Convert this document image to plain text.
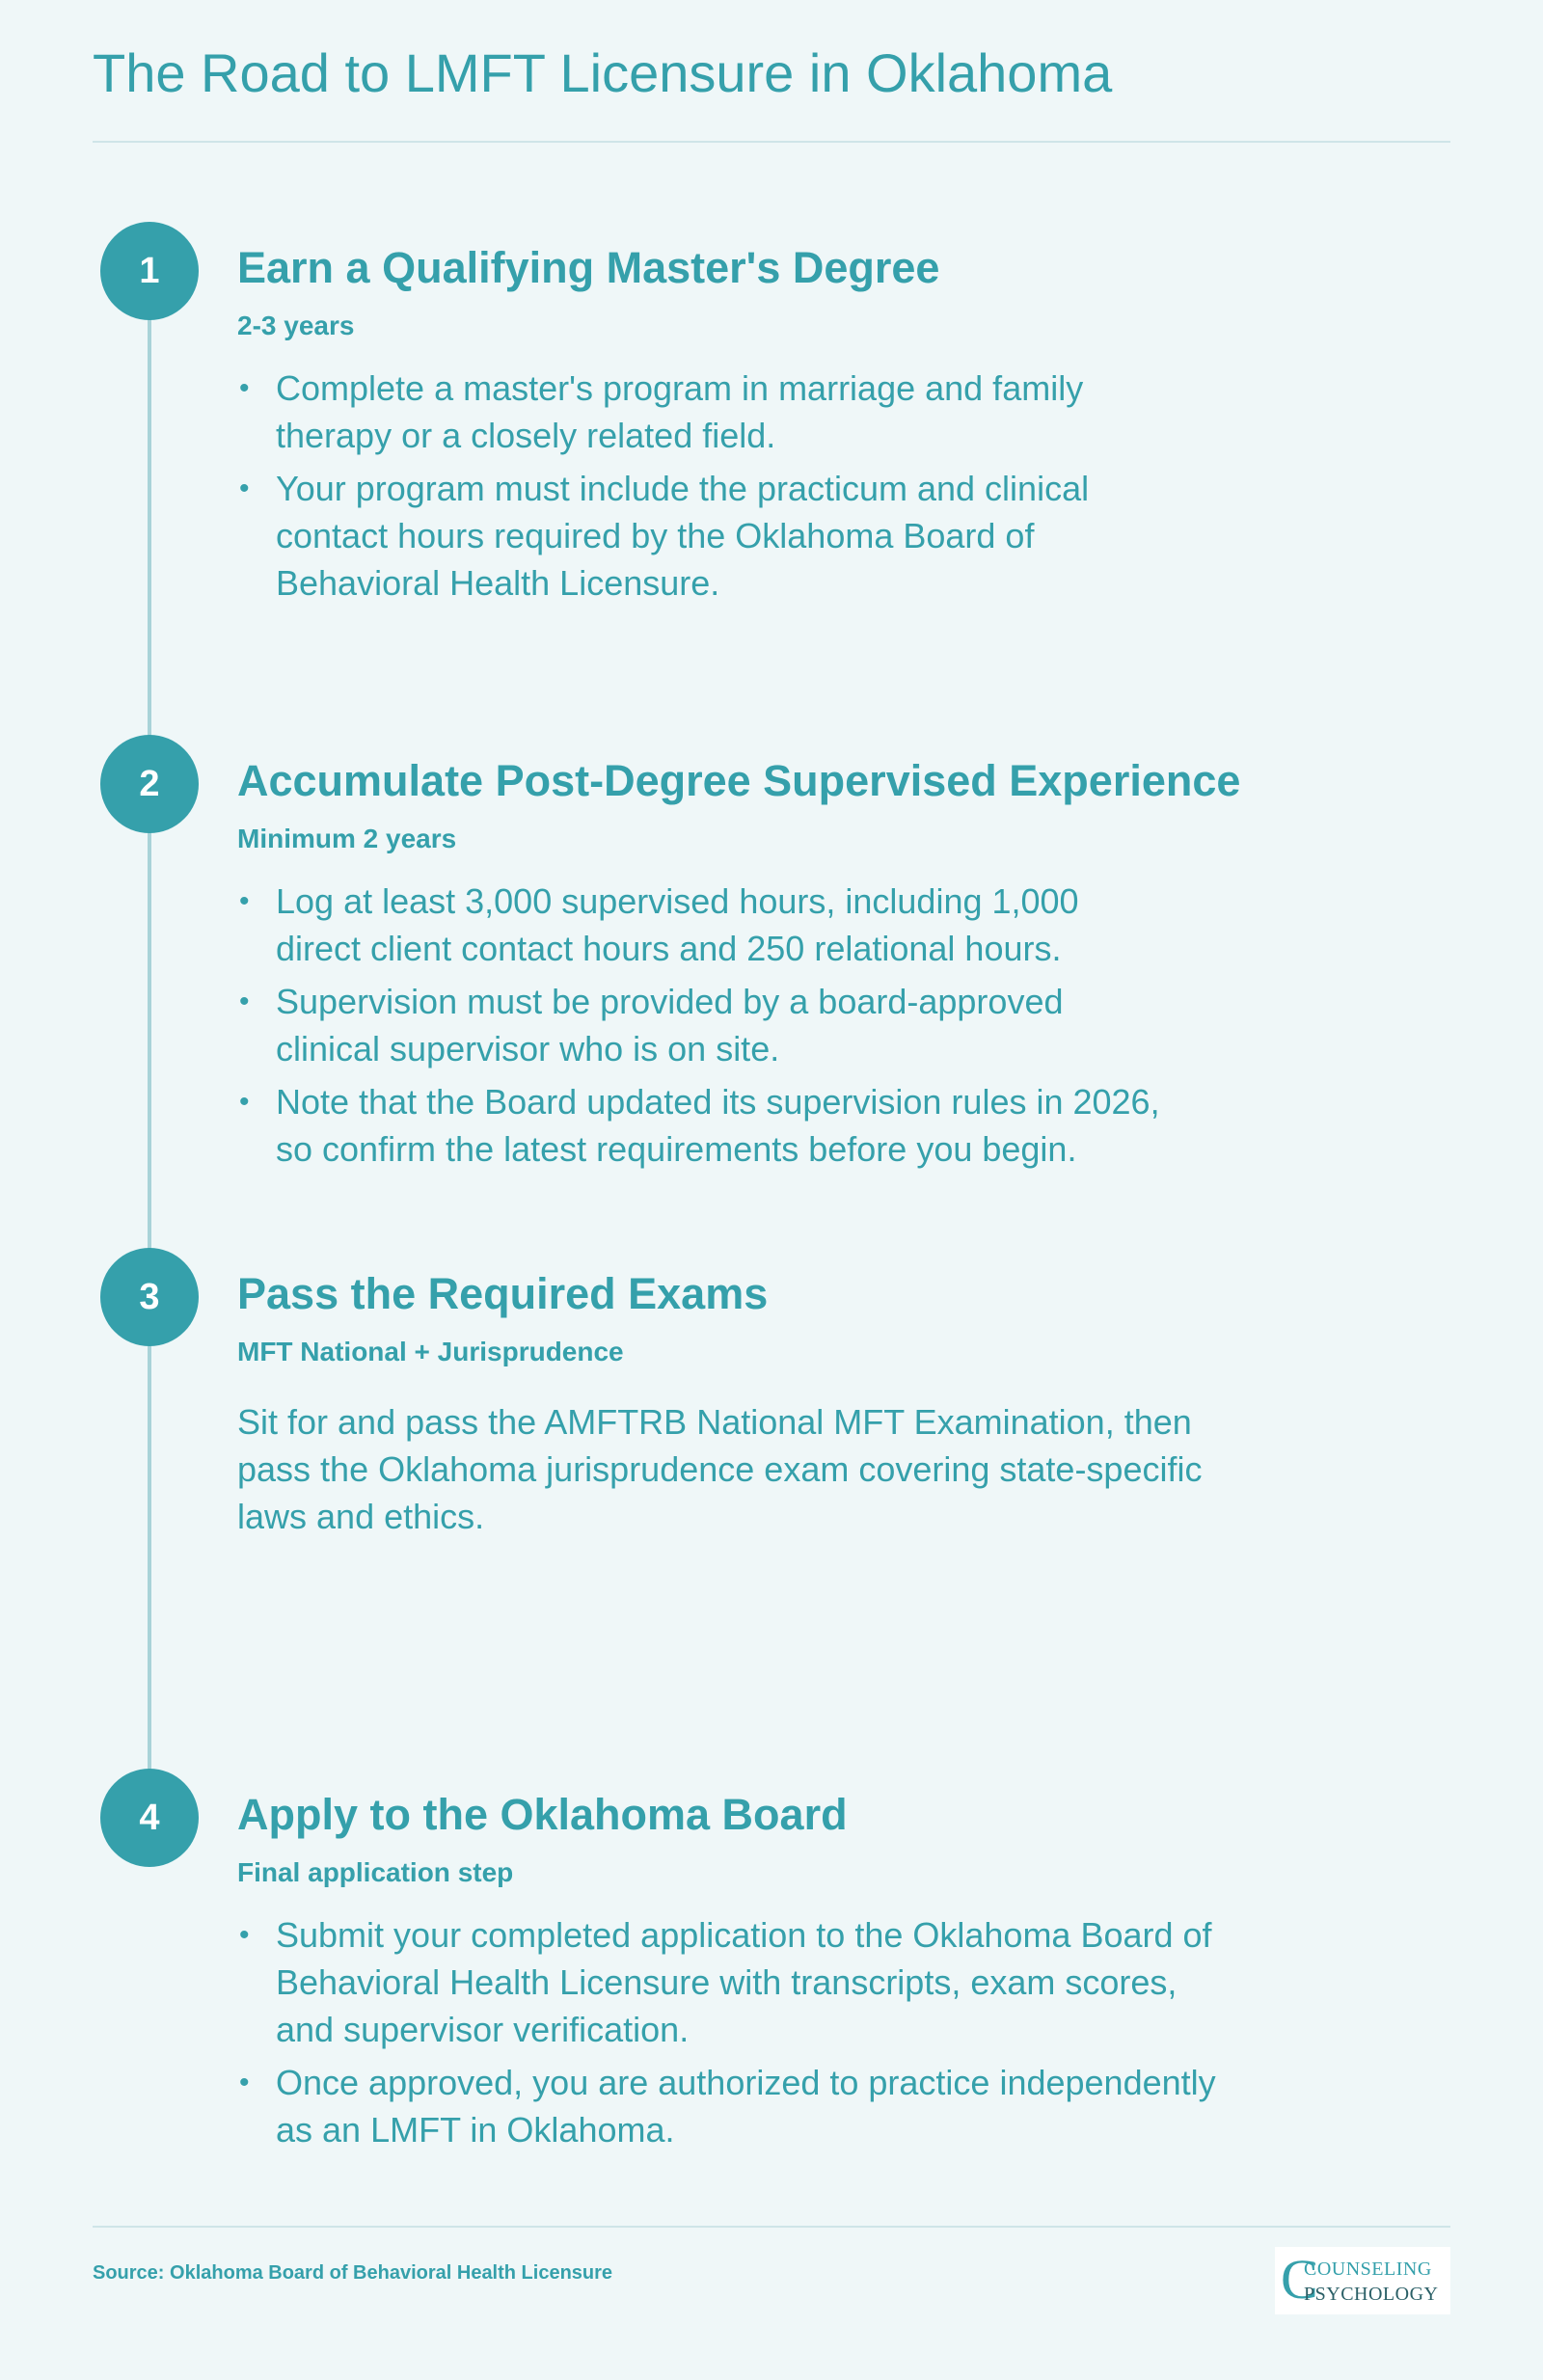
The Road to LMFT Licensure in Oklahoma
1	Earn a Qualifying Master's Degree
2-3 years
• Complete a master's program in marriage and family therapy or a closely related field.
• Your program must include the practicum and clinical contact hours required by the Oklahoma Board of Behavioral Health Licensure.
2	Accumulate Post-Degree Supervised Experience
Minimum 2 years
• Log at least 3,000 supervised hours, including 1,000 direct client contact hours and 250 relational hours.
• Supervision must be provided by a board-approved clinical supervisor who is on site.
• Note that the Board updated its supervision rules in 2026, so confirm the latest requirements before you begin.
3	Pass the Required Exams
MFT National + Jurisprudence

Sit for and pass the AMFTRB National MFT Examination, then pass the Oklahoma jurisprudence exam covering state-specific laws and ethics.

4	Apply to the Oklahoma Board
Final application step
• Submit your completed application to the Oklahoma Board of Behavioral Health Licensure with transcripts, exam scores, and supervisor verification.
• Once approved, you are authorized to practice independently as an LMFT in Oklahoma.
Source: Oklahoma Board of Behavioral Health Licensure	C
COUNSELING
PSYCHOLOGY
